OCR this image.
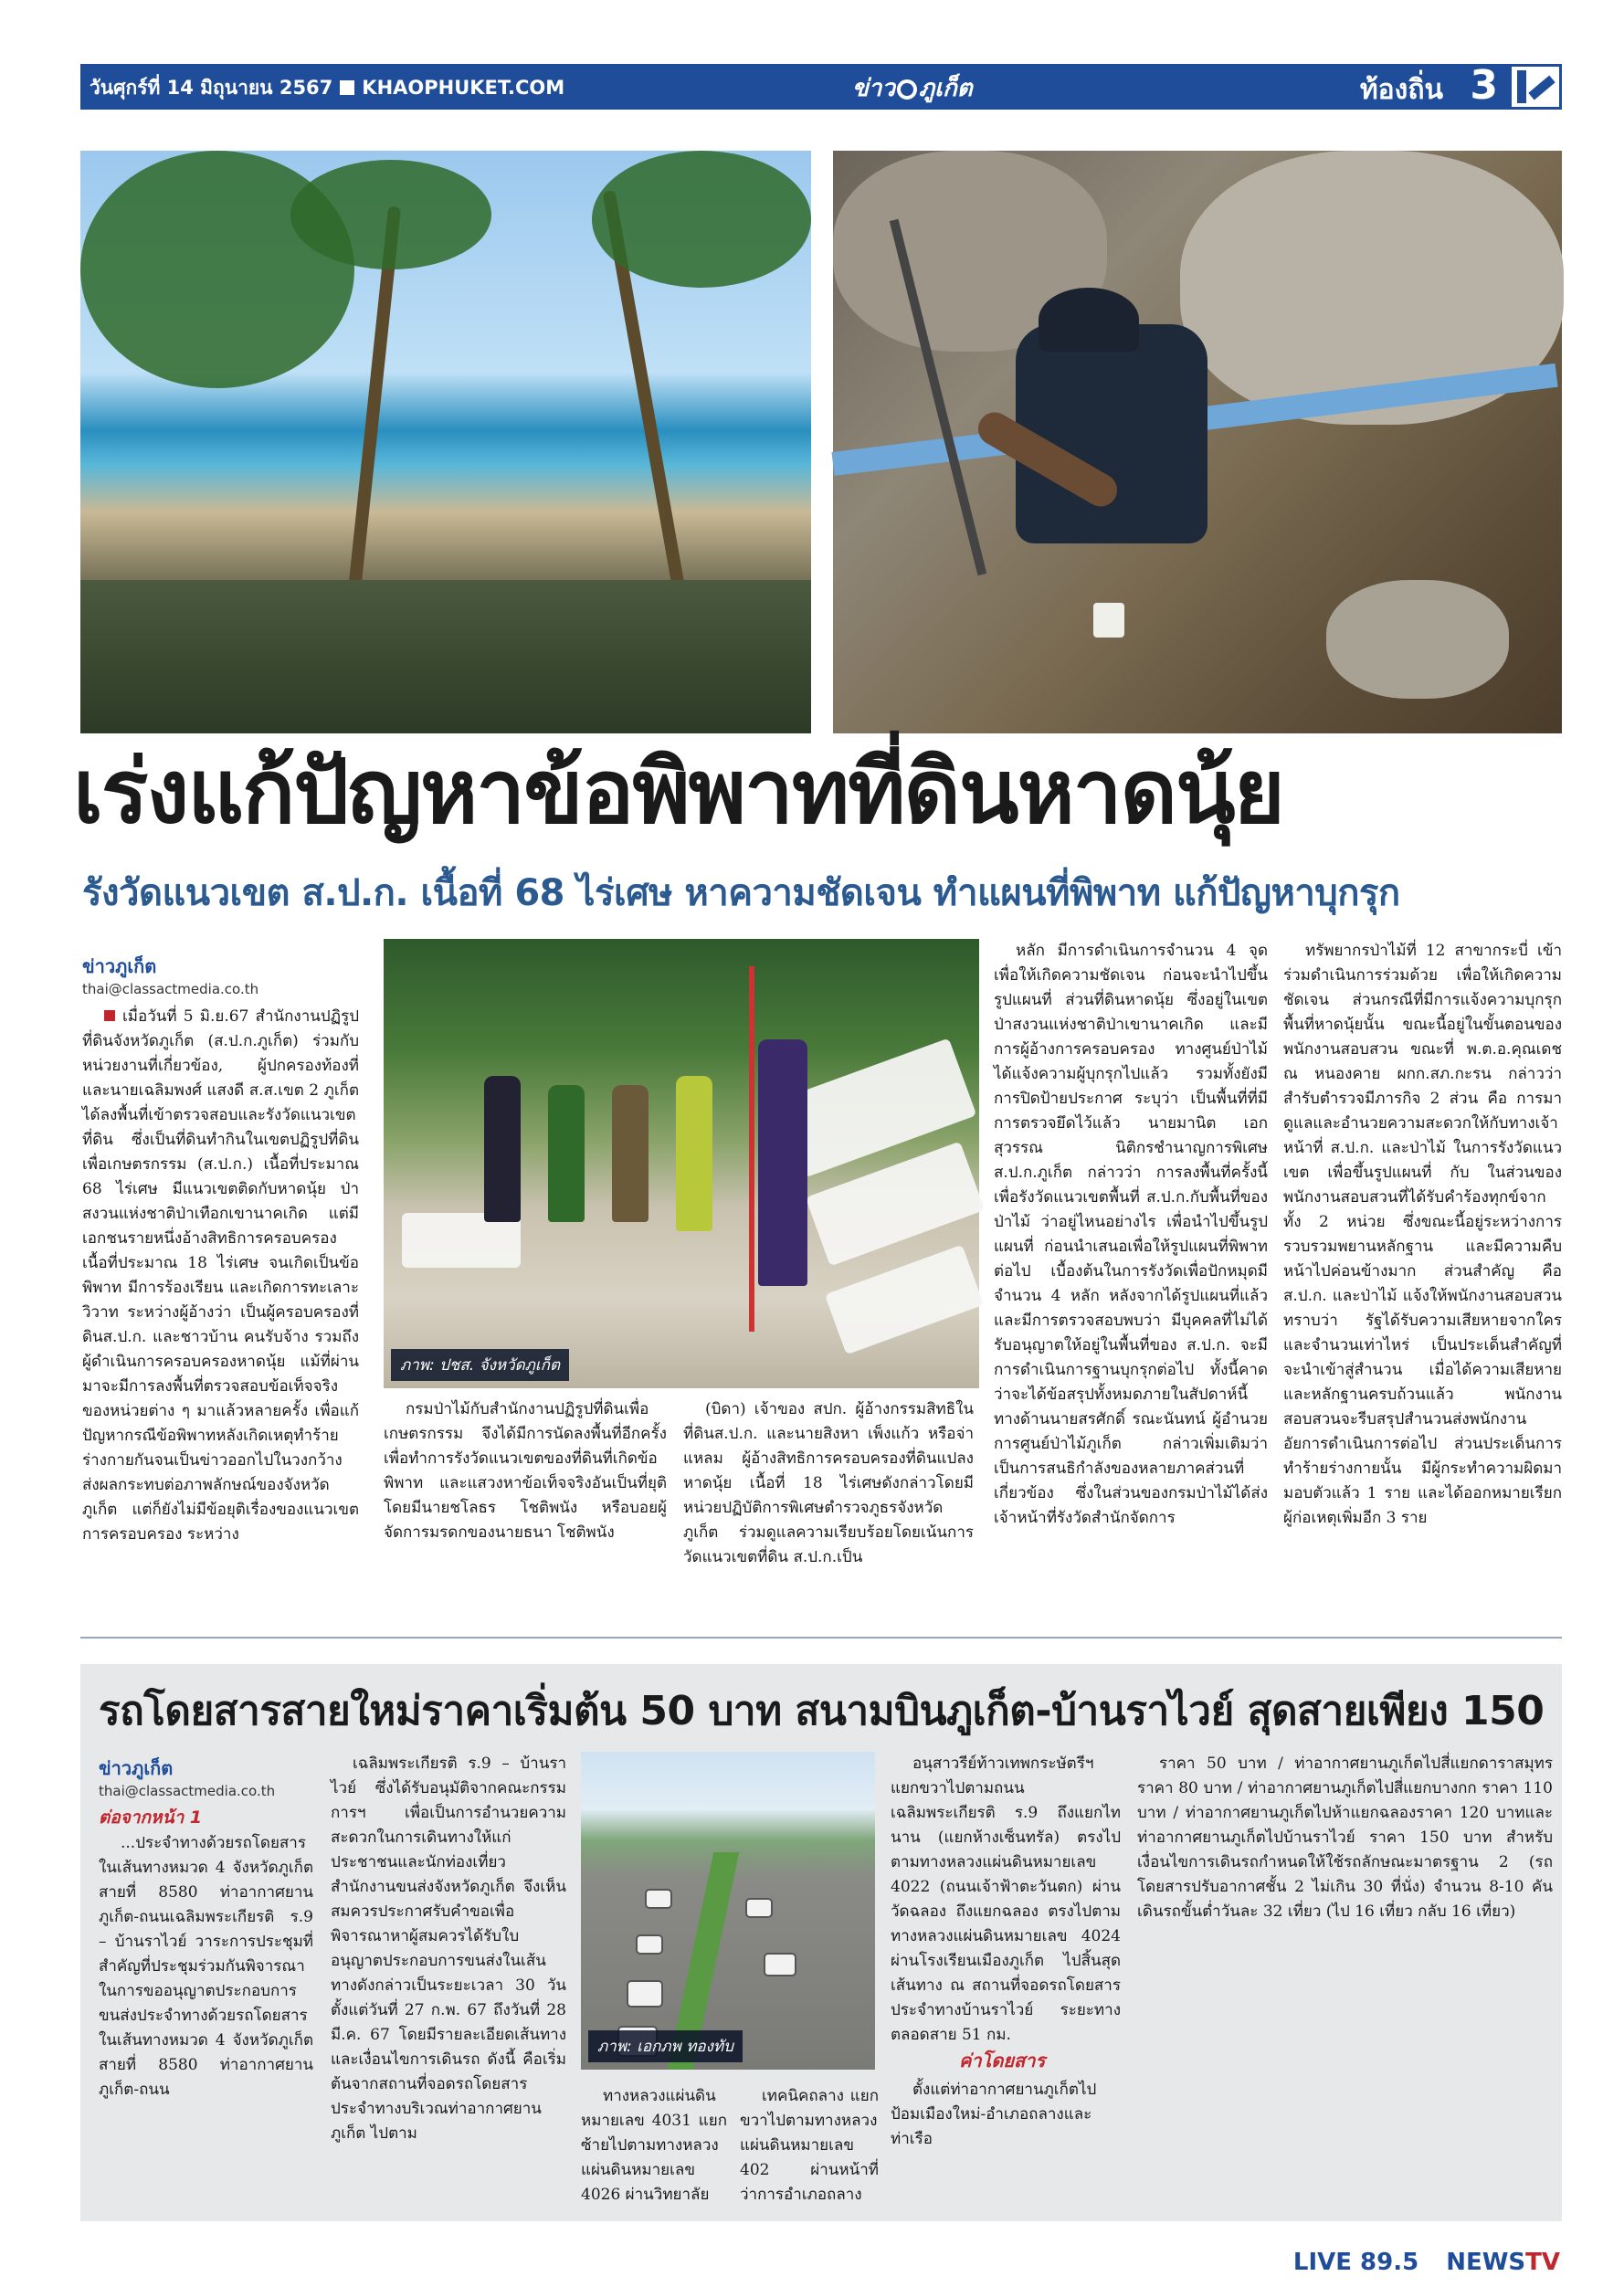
วันศุกร์ที่ 14 มิถุนายน 2567 KHAOPHUKET.COM	ข่าว ภูเก็ต	ท้องถิ่น 3
เร่งแก้ปัญหาข้อพิพาทที่ดินหาดนุ้ย
รังวัดแนวเขต ส.ป.ก. เนื้อที่ 68 ไร่เศษ หาความชัดเจน ทำแผนที่พิพาท แก้ปัญหาบุกรุก
ข่าวภูเก็ต
thai@classactmedia.co.th

เมื่อวันที่ 5 มิ.ย.67 สำนักงานปฏิรูปที่ดินจังหวัดภูเก็ต (ส.ป.ก.ภูเก็ต) ร่วมกับหน่วยงานที่เกี่ยวข้อง, ผู้ปกครองท้องที่ และนายเฉลิมพงศ์ แสงดี ส.ส.เขต 2 ภูเก็ต ได้ลงพื้นที่เข้าตรวจสอบและรังวัดแนวเขตที่ดิน ซึ่งเป็นที่ดินทำกินในเขตปฏิรูปที่ดินเพื่อเกษตรกรรม (ส.ป.ก.) เนื้อที่ประมาณ 68 ไร่เศษ มีแนวเขตติดกับหาดนุ้ย ป่าสงวนแห่งชาติป่าเทือกเขานาคเกิด แต่มีเอกชนรายหนึ่งอ้างสิทธิการครอบครอง เนื้อที่ประมาณ 18 ไร่เศษ จนเกิดเป็นข้อพิพาท มีการร้องเรียน และเกิดการทะเลาะวิวาท ระหว่างผู้อ้างว่า เป็นผู้ครอบครองที่ดินส.ป.ก. และชาวบ้าน คนรับจ้าง รวมถึงผู้ดำเนินการครอบครองหาดนุ้ย แม้ที่ผ่านมาจะมีการลงพื้นที่ตรวจสอบข้อเท็จจริงของหน่วยต่าง ๆ มาแล้วหลายครั้ง เพื่อแก้ปัญหากรณีข้อพิพาทหลังเกิดเหตุทำร้ายร่างกายกันจนเป็นข่าวออกไปในวงกว้าง ส่งผลกระทบต่อภาพลักษณ์ของจังหวัดภูเก็ต แต่ก็ยังไม่มีข้อยุติเรื่องของแนวเขตการครอบครอง ระหว่าง

ภาพ: ปชส. จังหวัดภูเก็ต

กรมป่าไม้กับสำนักงานปฏิรูปที่ดินเพื่อเกษตรกรรม จึงได้มีการนัดลงพื้นที่อีกครั้งเพื่อทำการรังวัดแนวเขตของที่ดินที่เกิดข้อพิพาท และแสวงหาข้อเท็จจริงอันเป็นที่ยุติ โดยมีนายชโลธร โชติพนัง หรือบอยผู้จัดการมรดกของนายธนา โชติพนัง

(บิดา) เจ้าของ สปก. ผู้อ้างกรรมสิทธิในที่ดินส.ป.ก. และนายสิงหา เพ็งแก้ว หรือจ่าแหลม ผู้อ้างสิทธิการครอบครองที่ดินแปลงหาดนุ้ย เนื้อที่ 18 ไร่เศษดังกล่าวโดยมีหน่วยปฏิบัติการพิเศษตำรวจภูธรจังหวัดภูเก็ต ร่วมดูแลความเรียบร้อยโดยเน้นการวัดแนวเขตที่ดิน ส.ป.ก.เป็น

หลัก มีการดำเนินการจำนวน 4 จุด เพื่อให้เกิดความชัดเจน ก่อนจะนำไปขึ้นรูปแผนที่ ส่วนที่ดินหาดนุ้ย ซึ่งอยู่ในเขตป่าสงวนแห่งชาติป่าเขานาคเกิด และมีการผู้อ้างการครอบครอง ทางศูนย์ป่าไม้ได้แจ้งความผู้บุกรุกไปแล้ว รวมทั้งยังมีการปิดป้ายประกาศ ระบุว่า เป็นพื้นที่ที่มีการตรวจยึดไว้แล้ว นายมานิต เอกสุวรรณ นิติกรชำนาญการพิเศษ ส.ป.ก.ภูเก็ต กล่าวว่า การลงพื้นที่ครั้งนี้เพื่อรังวัดแนวเขตพื้นที่ ส.ป.ก.กับพื้นที่ของป่าไม้ ว่าอยู่ไหนอย่างไร เพื่อนำไปขึ้นรูปแผนที่ ก่อนนำเสนอเพื่อให้รูปแผนที่พิพาทต่อไป เบื้องต้นในการรังวัดเพื่อปักหมุดมีจำนวน 4 หลัก หลังจากได้รูปแผนที่แล้ว และมีการตรวจสอบพบว่า มีบุคคลที่ไม่ได้รับอนุญาตให้อยู่ในพื้นที่ของ ส.ป.ก. จะมีการดำเนินการฐานบุกรุกต่อไป ทั้งนี้คาดว่าจะได้ข้อสรุปทั้งหมดภายในสัปดาห์นี้ ทางด้านนายสรศักดิ์ รณะนันทน์ ผู้อำนวยการศูนย์ป่าไม้ภูเก็ต กล่าวเพิ่มเติมว่า เป็นการสนธิกำลังของหลายภาคส่วนที่เกี่ยวข้อง ซึ่งในส่วนของกรมป่าไม้ได้ส่งเจ้าหน้าที่รังวัดสำนักจัดการ

ทรัพยากรป่าไม้ที่ 12 สาขากระบี่ เข้าร่วมดำเนินการร่วมด้วย เพื่อให้เกิดความชัดเจน ส่วนกรณีที่มีการแจ้งความบุกรุกพื้นที่หาดนุ้ยนั้น ขณะนี้อยู่ในขั้นตอนของพนักงานสอบสวน ขณะที่ พ.ต.อ.คุณเดช ณ หนองคาย ผกก.สภ.กะรน กล่าวว่า สำรับตำรวจมีภารกิจ 2 ส่วน คือ การมาดูแลและอำนวยความสะดวกให้กับทางเจ้าหน้าที่ ส.ป.ก. และป่าไม้ ในการรังวัดแนวเขต เพื่อขึ้นรูปแผนที่ กับ ในส่วนของพนักงานสอบสวนที่ได้รับคำร้องทุกข์จากทั้ง 2 หน่วย ซึ่งขณะนี้อยู่ระหว่างการรวบรวมพยานหลักฐาน และมีความคืบหน้าไปค่อนข้างมาก ส่วนสำคัญ คือ ส.ป.ก. และป่าไม้ แจ้งให้พนักงานสอบสวนทราบว่า รัฐได้รับความเสียหายจากใคร และจำนวนเท่าไหร่ เป็นประเด็นสำคัญที่จะนำเข้าสู่สำนวน เมื่อได้ความเสียหายและหลักฐานครบถ้วนแล้ว พนักงานสอบสวนจะรีบสรุปสำนวนส่งพนักงานอัยการดำเนินการต่อไป ส่วนประเด็นการทำร้ายร่างกายนั้น มีผู้กระทำความผิดมามอบตัวแล้ว 1 ราย และได้ออกหมายเรียกผู้ก่อเหตุเพิ่มอีก 3 ราย

รถโดยสารสายใหม่ราคาเริ่มต้น 50 บาท สนามบินภูเก็ต-บ้านราไวย์ สุดสายเพียง 150
ข่าวภูเก็ต
thai@classactmedia.co.th
ต่อจากหน้า 1

...ประจำทางด้วยรถโดยสารในเส้นทางหมวด 4 จังหวัดภูเก็ต สายที่ 8580 ท่าอากาศยานภูเก็ต-ถนนเฉลิมพระเกียรติ ร.9 – บ้านราไวย์ วาระการประชุมที่สำคัญที่ประชุมร่วมกันพิจารณาในการขออนุญาตประกอบการขนส่งประจำทางด้วยรถโดยสารในเส้นทางหมวด 4 จังหวัดภูเก็ต สายที่ 8580 ท่าอากาศยานภูเก็ต-ถนน

เฉลิมพระเกียรติ ร.9 – บ้านราไวย์ ซึ่งได้รับอนุมัติจากคณะกรรมการฯ เพื่อเป็นการอำนวยความสะดวกในการเดินทางให้แก่ประชาชนและนักท่องเที่ยว สำนักงานขนส่งจังหวัดภูเก็ต จึงเห็นสมควรประกาศรับคำขอเพื่อพิจารณาหาผู้สมควรได้รับใบอนุญาตประกอบการขนส่งในเส้นทางดังกล่าวเป็นระยะเวลา 30 วัน ตั้งแต่วันที่ 27 ก.พ. 67 ถึงวันที่ 28 มี.ค. 67 โดยมีรายละเอียดเส้นทางและเงื่อนไขการเดินรถ ดังนี้ คือเริ่มต้นจากสถานที่จอดรถโดยสารประจำทางบริเวณท่าอากาศยานภูเก็ต ไปตาม

ภาพ: เอกภพ ทองทับ

ทางหลวงแผ่นดินหมายเลข 4031 แยกซ้ายไปตามทางหลวงแผ่นดินหมายเลข 4026 ผ่านวิทยาลัย

เทคนิคถลาง แยกขวาไปตามทางหลวงแผ่นดินหมายเลข 402 ผ่านหน้าที่ว่าการอำเภอถลาง

อนุสาวรีย์ท้าวเทพกระษัตรีฯ แยกขวาไปตามถนนเฉลิมพระเกียรติ ร.9 ถึงแยกไทนาน (แยกห้างเซ็นทรัล) ตรงไปตามทางหลวงแผ่นดินหมายเลข 4022 (ถนนเจ้าฟ้าตะวันตก) ผ่านวัดฉลอง ถึงแยกฉลอง ตรงไปตามทางหลวงแผ่นดินหมายเลข 4024 ผ่านโรงเรียนเมืองภูเก็ต ไปสิ้นสุดเส้นทาง ณ สถานที่จอดรถโดยสารประจำทางบ้านราไวย์ ระยะทางตลอดสาย 51 กม.

ค่าโดยสาร

ตั้งแต่ท่าอากาศยานภูเก็ตไปป้อมเมืองใหม่-อำเภอถลางและท่าเรือ

ราคา 50 บาท / ท่าอากาศยานภูเก็ตไปสี่แยกดาราสมุทร ราคา 80 บาท / ท่าอากาศยานภูเก็ตไปสี่แยกบางกก ราคา 110 บาท / ท่าอากาศยานภูเก็ตไปห้าแยกฉลองราคา 120 บาทและท่าอากาศยานภูเก็ตไปบ้านราไวย์ ราคา 150 บาท สำหรับเงื่อนไขการเดินรถกำหนดให้ใช้รถลักษณะมาตรฐาน 2 (รถโดยสารปรับอากาศชั้น 2 ไม่เกิน 30 ที่นั่ง) จำนวน 8-10 คัน เดินรถขั้นต่ำวันละ 32 เที่ยว (ไป 16 เที่ยว กลับ 16 เที่ยว)

LIVE 89.5 NEWSTV
